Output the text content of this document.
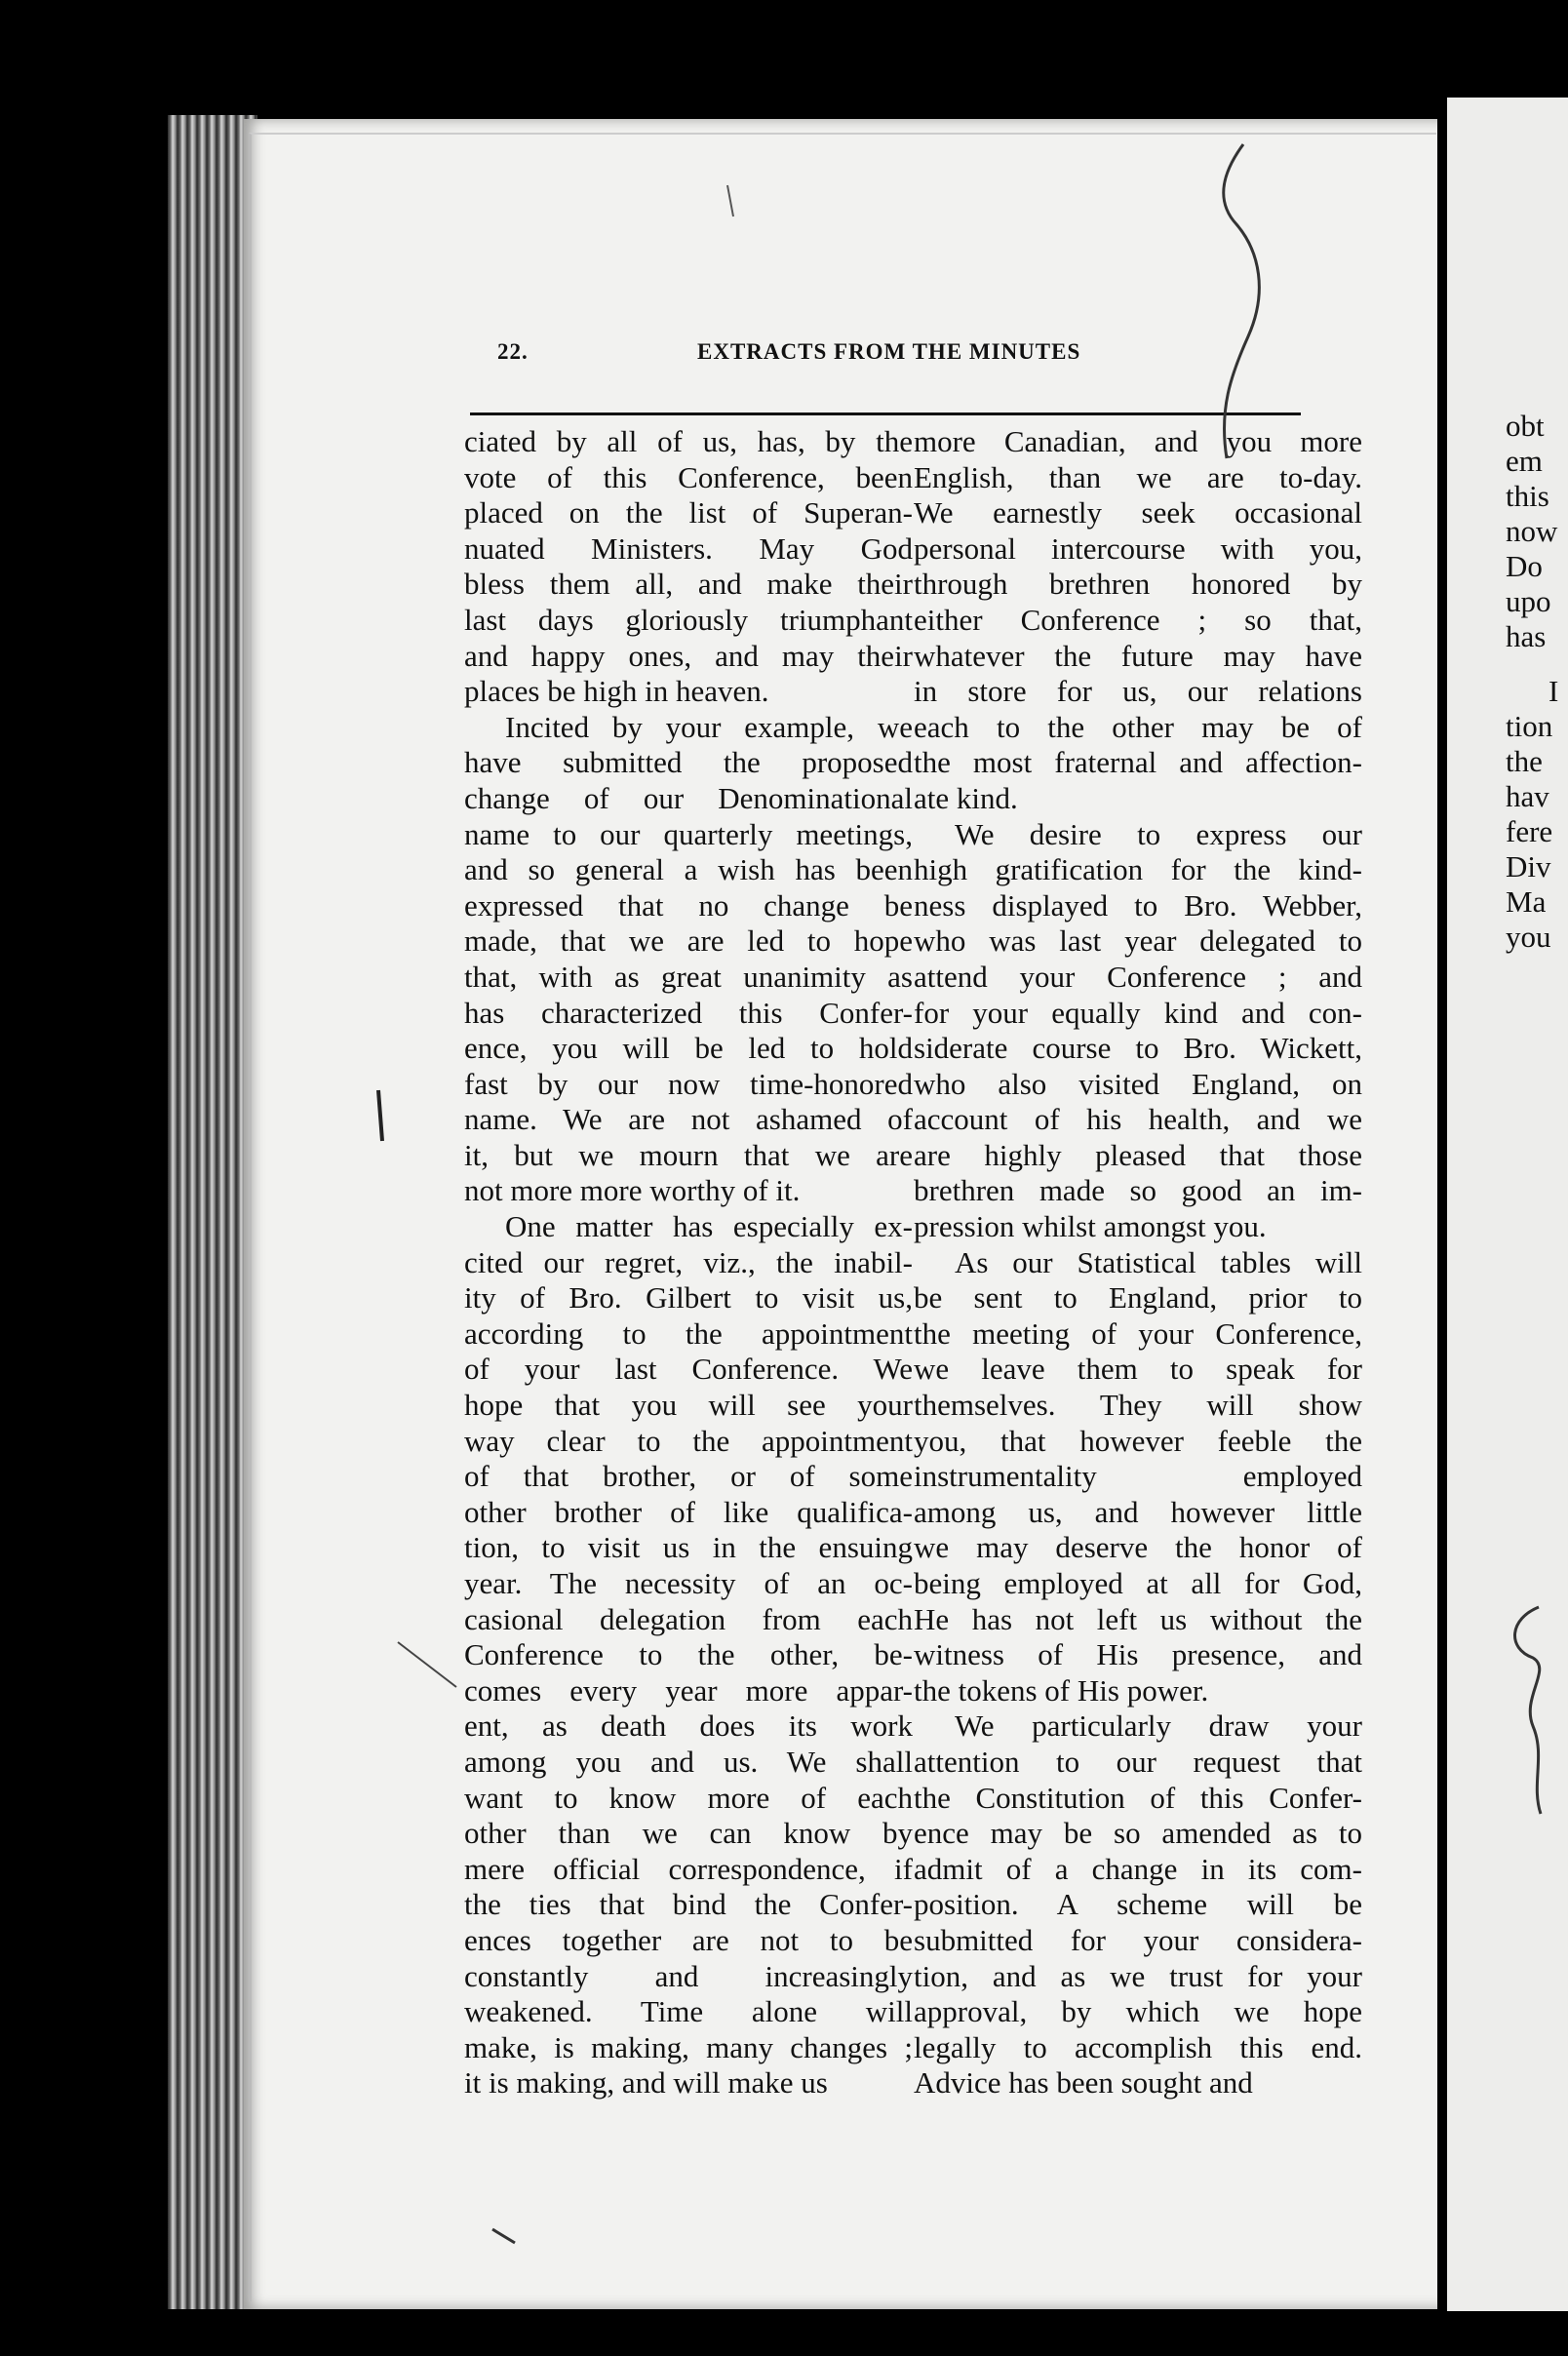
obt
em
this
now
Do
upo
has
I
tion
the
hav
fere
Div
Ma
you
22.	EXTRACTS FROM THE MINUTES

ciated by all of us, has, by the
vote of this Conference, been
placed on the list of Superan-
nuated Ministers. May God
bless them all, and make their
last days gloriously triumphant
and happy ones, and may their
places be high in heaven.

Incited by your example, we
have submitted the proposed
change of our Denominational
name to our quarterly meetings,
and so general a wish has been
expressed that no change be
made, that we are led to hope
that, with as great unanimity as
has characterized this Confer-
ence, you will be led to hold
fast by our now time-honored
name. We are not ashamed of
it, but we mourn that we are
not more more worthy of it.

One matter has especially ex-
cited our regret, viz., the inabil-
ity of Bro. Gilbert to visit us,
according to the appointment
of your last Conference. We
hope that you will see your
way clear to the appointment
of that brother, or of some
other brother of like qualifica-
tion, to visit us in the ensuing
year. The necessity of an oc-
casional delegation from each
Conference to the other, be-
comes every year more appar-
ent, as death does its work
among you and us. We shall
want to know more of each
other than we can know by
mere official correspondence, if
the ties that bind the Confer-
ences together are not to be
constantly and increasingly
weakened. Time alone will
make, is making, many changes ;
it is making, and will make us

more Canadian, and you more
English, than we are to-day.
We earnestly seek occasional
personal intercourse with you,
through brethren honored by
either Conference ; so that,
whatever the future may have
in store for us, our relations
each to the other may be of
the most fraternal and affection-
ate kind.

We desire to express our
high gratification for the kind-
ness displayed to Bro. Webber,
who was last year delegated to
attend your Conference ; and
for your equally kind and con-
siderate course to Bro. Wickett,
who also visited England, on
account of his health, and we
are highly pleased that those
brethren made so good an im-
pression whilst amongst you.

As our Statistical tables will
be sent to England, prior to
the meeting of your Conference,
we leave them to speak for
themselves. They will show
you, that however feeble the
instrumentality employed
among us, and however little
we may deserve the honor of
being employed at all for God,
He has not left us without the
witness of His presence, and
the tokens of His power.

We particularly draw your
attention to our request that
the Constitution of this Confer-
ence may be so amended as to
admit of a change in its com-
position. A scheme will be
submitted for your considera-
tion, and as we trust for your
approval, by which we hope
legally to accomplish this end.
Advice has been sought and
